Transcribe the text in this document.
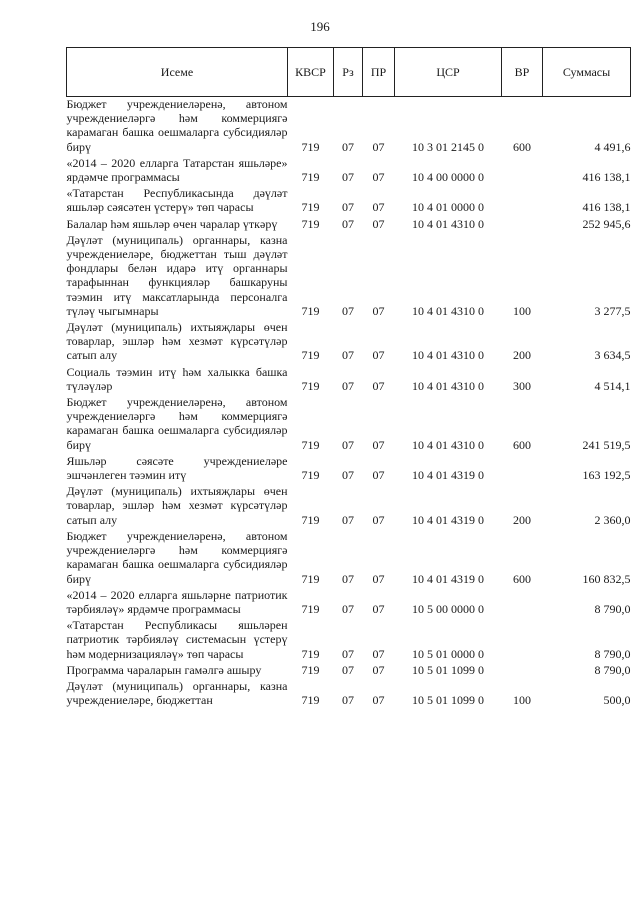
196
Исеме	КВСР	Рз	ПР	ЦСР	ВР	Суммасы
Бюджет учреждениеләренә, автоном учреждениеләргә һәм коммерциягә карамаган башка оешмаларга субсидияләр бирү	719	07	07	10 3 01 2145 0	600	4 491,6
«2014 – 2020 елларга Татарстан яшьләре» ярдәмче программасы	719	07	07	10 4 00 0000 0		416 138,1
«Татарстан Республикасында дәүләт яшьләр сәясәтен үстерү» төп чарасы	719	07	07	10 4 01 0000 0		416 138,1
Балалар һәм яшьләр өчен чаралар үткәрү	719	07	07	10 4 01 4310 0		252 945,6
Дәүләт (муниципаль) органнары, казна учреждениеләре, бюджеттан тыш дәүләт фондлары белән идарә итү органнары тарафыннан функцияләр башкаруны тәэмин итү максатларында персоналга түләү чыгымнары	719	07	07	10 4 01 4310 0	100	3 277,5
Дәүләт (муниципаль) ихтыяҗлары өчен товарлар, эшләр һәм хезмәт күрсәтүләр сатып алу	719	07	07	10 4 01 4310 0	200	3 634,5
Социаль тәэмин итү һәм халыкка башка түләүләр	719	07	07	10 4 01 4310 0	300	4 514,1
Бюджет учреждениеләренә, автоном учреждениеләргә һәм коммерциягә карамаган башка оешмаларга субсидияләр бирү	719	07	07	10 4 01 4310 0	600	241 519,5
Яшьләр сәясәте учреждениеләре эшчәнлеген тәэмин итү	719	07	07	10 4 01 4319 0		163 192,5
Дәүләт (муниципаль) ихтыяҗлары өчен товарлар, эшләр һәм хезмәт күрсәтүләр сатып алу	719	07	07	10 4 01 4319 0	200	2 360,0
Бюджет учреждениеләренә, автоном учреждениеләргә һәм коммерциягә карамаган башка оешмаларга субсидияләр бирү	719	07	07	10 4 01 4319 0	600	160 832,5
«2014 – 2020 елларга яшьләрне патриотик тәрбияләү» ярдәмче программасы	719	07	07	10 5 00 0000 0		8 790,0
«Татарстан Республикасы яшьләрен патриотик тәрбияләү системасын үстерү һәм модернизацияләү» төп чарасы	719	07	07	10 5 01 0000 0		8 790,0
Программа чараларын гамәлгә ашыру	719	07	07	10 5 01 1099 0		8 790,0
Дәүләт (муниципаль) органнары, казна учреждениеләре, бюджеттан	719	07	07	10 5 01 1099 0	100	500,0
